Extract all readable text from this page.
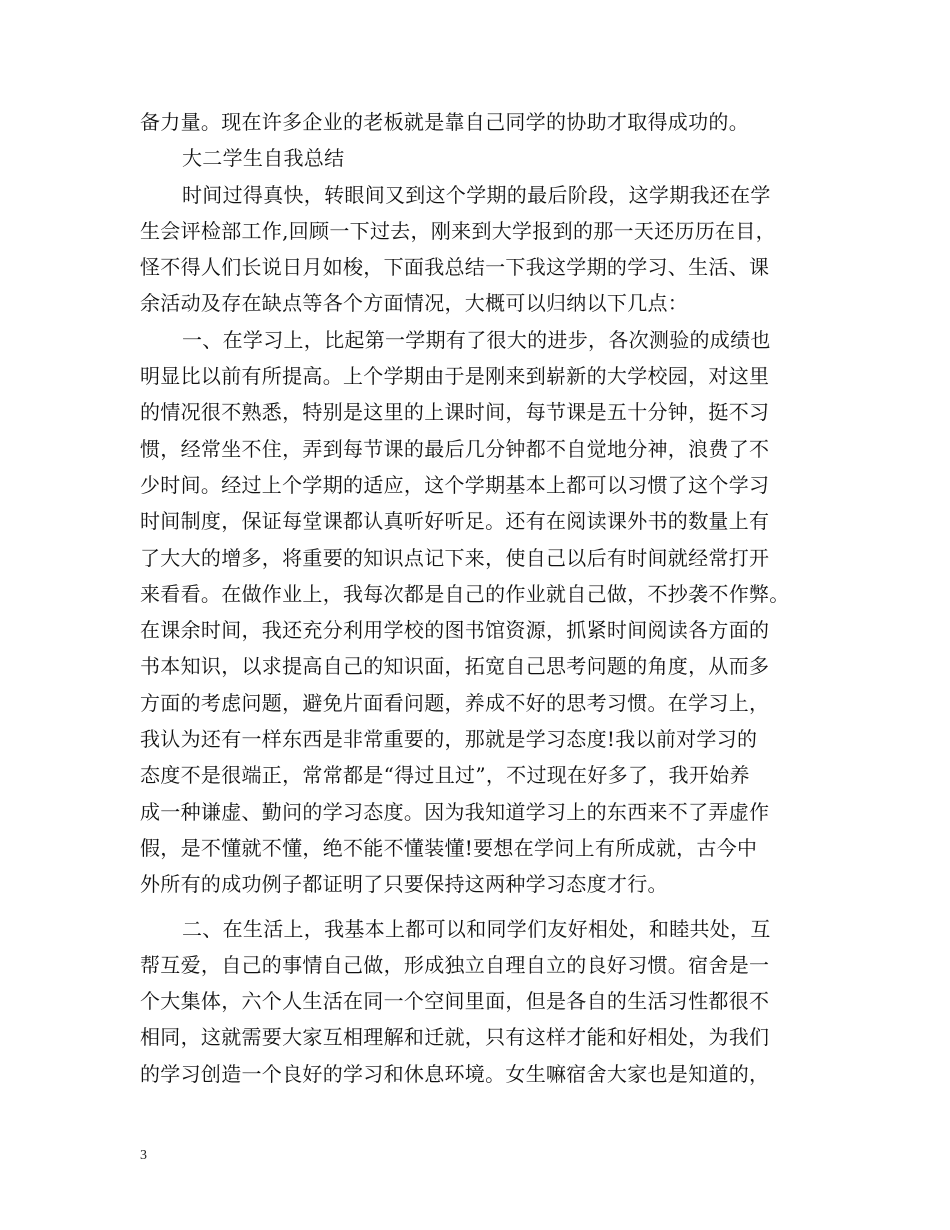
备力量。现在许多企业的老板就是靠自己同学的协助才取得成功的。
大二学生自我总结
时间过得真快，转眼间又到这个学期的最后阶段，这学期我还在学
生会评检部工作,回顾一下过去，刚来到大学报到的那一天还历历在目，
怪不得人们长说日月如梭，下面我总结一下我这学期的学习、生活、课
余活动及存在缺点等各个方面情况，大概可以归纳以下几点：
一、在学习上，比起第一学期有了很大的进步，各次测验的成绩也
明显比以前有所提高。上个学期由于是刚来到崭新的大学校园，对这里
的情况很不熟悉，特别是这里的上课时间，每节课是五十分钟，挺不习
惯，经常坐不住，弄到每节课的最后几分钟都不自觉地分神，浪费了不
少时间。经过上个学期的适应，这个学期基本上都可以习惯了这个学习
时间制度，保证每堂课都认真听好听足。还有在阅读课外书的数量上有
了大大的增多，将重要的知识点记下来，使自己以后有时间就经常打开
来看看。在做作业上，我每次都是自己的作业就自己做，不抄袭不作弊。
在课余时间，我还充分利用学校的图书馆资源，抓紧时间阅读各方面的
书本知识，以求提高自己的知识面，拓宽自己思考问题的角度，从而多
方面的考虑问题，避免片面看问题，养成不好的思考习惯。在学习上，
我认为还有一样东西是非常重要的，那就是学习态度!我以前对学习的
态度不是很端正，常常都是“得过且过”，不过现在好多了，我开始养
成一种谦虚、勤问的学习态度。因为我知道学习上的东西来不了弄虚作
假，是不懂就不懂，绝不能不懂装懂!要想在学问上有所成就，古今中
外所有的成功例子都证明了只要保持这两种学习态度才行。
二、在生活上，我基本上都可以和同学们友好相处，和睦共处，互
帮互爱，自己的事情自己做，形成独立自理自立的良好习惯。宿舍是一
个大集体，六个人生活在同一个空间里面，但是各自的生活习性都很不
相同，这就需要大家互相理解和迁就，只有这样才能和好相处，为我们
的学习创造一个良好的学习和休息环境。女生嘛宿舍大家也是知道的，
3
